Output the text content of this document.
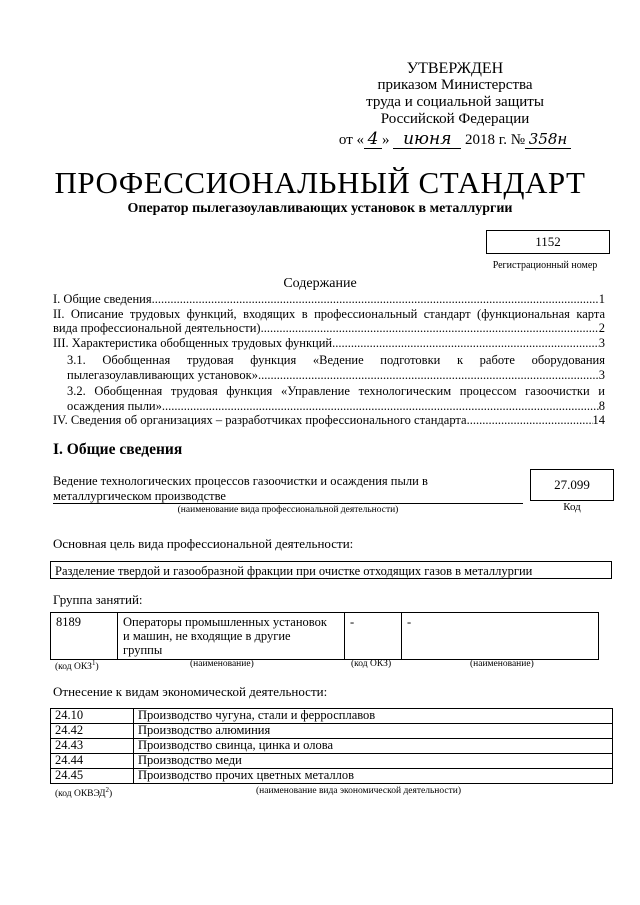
УТВЕРЖДЕН
приказом Министерства
труда и социальной защиты
Российской Федерации
от « 4 » июня 2018 г. № 358н
ПРОФЕССИОНАЛЬНЫЙ СТАНДАРТ
Оператор пылегазоулавливающих установок в металлургии
1152
Регистрационный номер
Содержание
I. Общие сведения .....	1
II. Описание трудовых функций, входящих в профессиональный стандарт (функциональная карта
вида профессиональной деятельности) .....	2
III. Характеристика обобщенных трудовых функций .....	3
3.1. Обобщенная трудовая функция «Ведение подготовки к работе оборудования
пылегазоулавливающих установок» .....	3
3.2. Обобщенная трудовая функция «Управление технологическим процессом газоочистки и
осаждения пыли» .....	8
IV. Сведения об организациях – разработчиках профессионального стандарта .....	14
I. Общие сведения
Ведение технологических процессов газоочистки и осаждения пыли в
металлургическом производстве
(наименование вида профессиональной деятельности)
27.099
Код
Основная цель вида профессиональной деятельности:
Разделение твердой и газообразной фракции при очистке отходящих газов в металлургии
Группа занятий:
8189	Операторы промышленных установок
и машин, не входящие в другие
группы
	-	-
(код ОКЗ$^1$)	(наименование)	(код ОКЗ)	(наименование)
Отнесение к видам экономической деятельности:
24.10	Производство чугуна, стали и ферросплавов
24.42	Производство алюминия
24.43	Производство свинца, цинка и олова
24.44	Производство меди
24.45	Производство прочих цветных металлов
(код ОКВЭД$^2$)	(наименование вида экономической деятельности)
